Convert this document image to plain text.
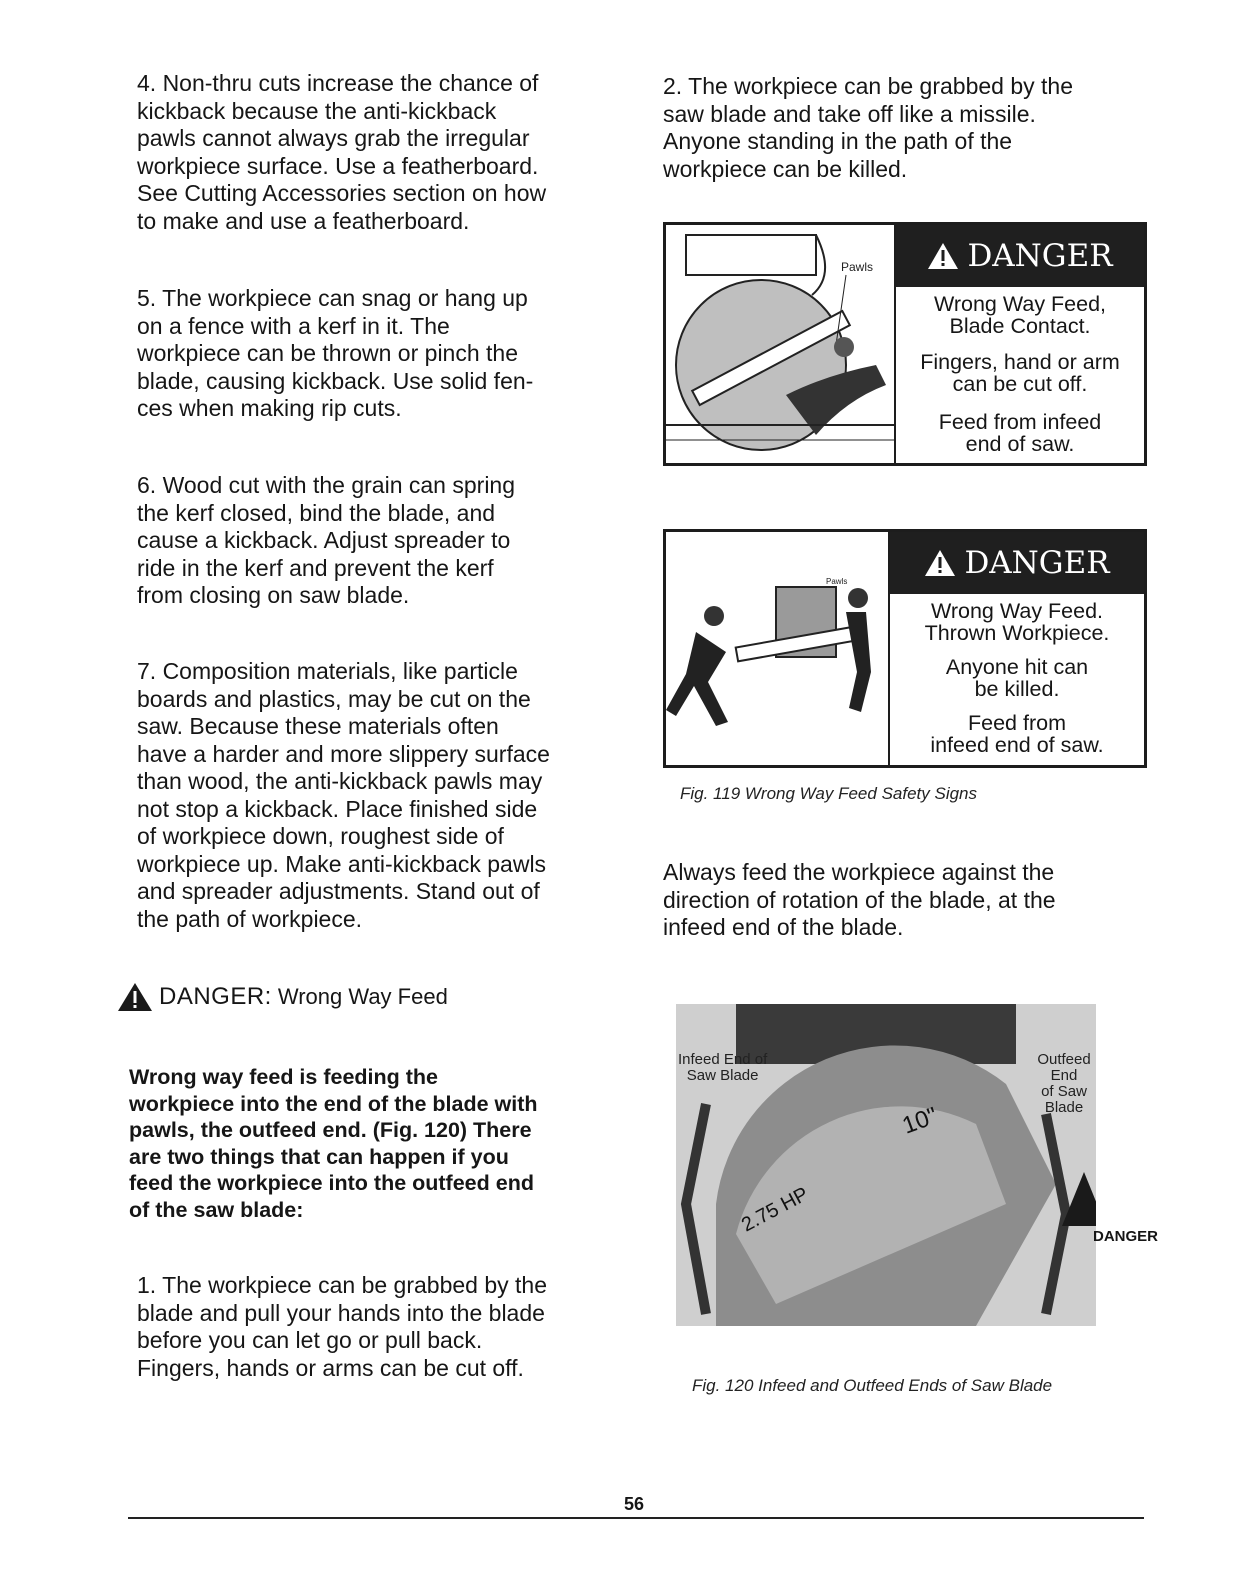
4. Non-thru cuts increase the chance of
kickback because the anti-kickback
pawls cannot always grab the irregular
workpiece surface. Use a featherboard.
See Cutting Accessories section on how
to make and use a featherboard.

5. The workpiece can snag or hang up
on a fence with a kerf in it. The
workpiece can be thrown or pinch the
blade, causing kickback. Use solid fen-
ces when making rip cuts.

6. Wood cut with the grain can spring
the kerf closed, bind the blade, and
cause a kickback. Adjust spreader to
ride in the kerf and prevent the kerf
from closing on saw blade.

7. Composition materials, like particle
boards and plastics, may be cut on the
saw. Because these materials often
have a harder and more slippery surface
than wood, the anti-kickback pawls may
not stop a kickback. Place finished side
of workpiece down, roughest side of
workpiece up. Make anti-kickback pawls
and spreader adjustments. Stand out of
the path of workpiece.

DANGER: Wrong Way Feed

Wrong way feed is feeding the
workpiece into the end of the blade with
pawls, the outfeed end. (Fig. 120) There
are two things that can happen if you
feed the workpiece into the outfeed end
of the saw blade:

1. The workpiece can be grabbed by the
blade and pull your hands into the blade
before you can let go or pull back.
Fingers, hands or arms can be cut off.

2. The workpiece can be grabbed by the
saw blade and take off like a missile.
Anyone standing in the path of the
workpiece can be killed.

Pawls	DANGER
Wrong Way Feed,
Blade Contact.
Fingers, hand or arm
can be cut off.
Feed from infeed
end of saw.
Pawls
DANGER
Wrong Way Feed.
Thrown Workpiece.
Anyone hit can
be killed.
Feed from
infeed end of saw.
Fig. 119 Wrong Way Feed Safety Signs

Always feed the workpiece against the
direction of rotation of the blade, at the
infeed end of the blade.

10"
2.75 HP
Infeed End of
Saw Blade
Outfeed End
of Saw Blade
DANGER
Fig. 120 Infeed and Outfeed Ends of Saw Blade
56
